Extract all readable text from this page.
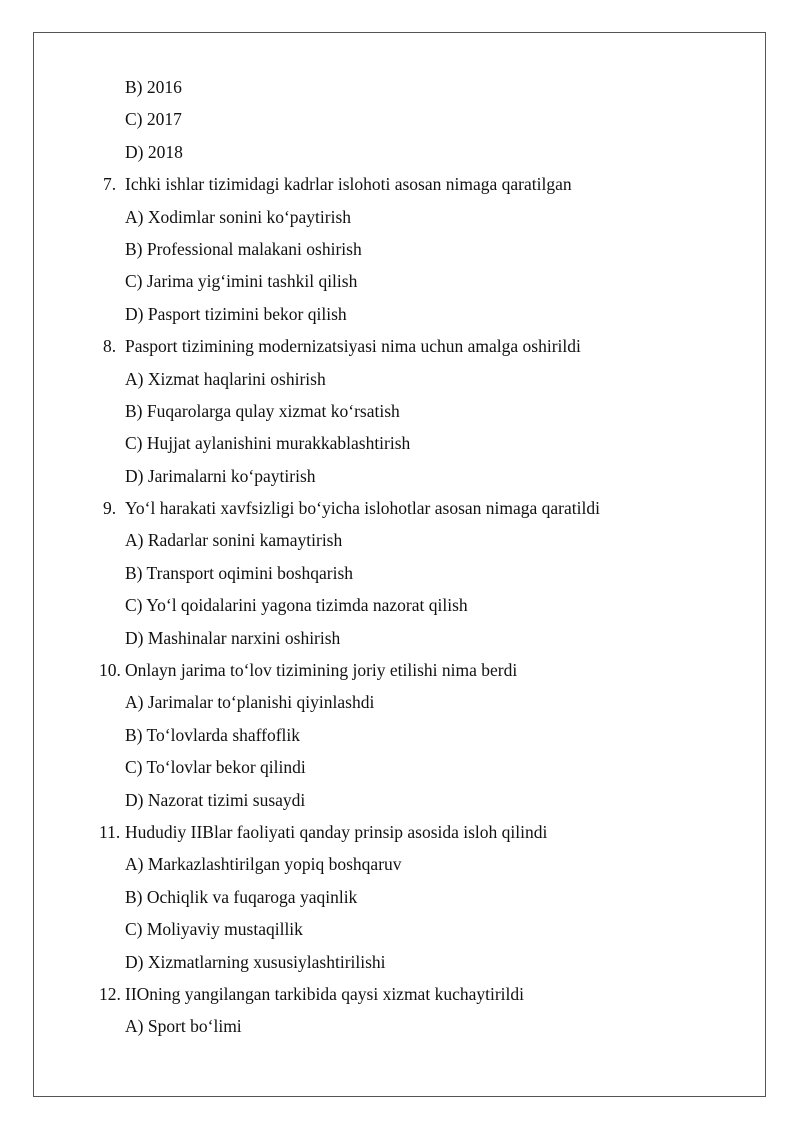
B) 2016
C) 2017
D) 2018
7. Ichki ishlar tizimidagi kadrlar islohoti asosan nimaga qaratilgan
A) Xodimlar sonini koʻpaytirish
B) Professional malakani oshirish
C) Jarima yigʻimini tashkil qilish
D) Pasport tizimini bekor qilish
8. Pasport tizimining modernizatsiyasi nima uchun amalga oshirildi
A) Xizmat haqlarini oshirish
B) Fuqarolarga qulay xizmat koʻrsatish
C) Hujjat aylanishini murakkablashtirish
D) Jarimalarni koʻpaytirish
9. Yoʻl harakati xavfsizligi boʻyicha islohotlar asosan nimaga qaratildi
A) Radarlar sonini kamaytirish
B) Transport oqimini boshqarish
C) Yoʻl qoidalarini yagona tizimda nazorat qilish
D) Mashinalar narxini oshirish
10. Onlayn jarima toʻlov tizimining joriy etilishi nima berdi
A) Jarimalar toʻplanishi qiyinlashdi
B) Toʻlovlarda shaffoflik
C) Toʻlovlar bekor qilindi
D) Nazorat tizimi susaydi
11. Hududiy IIBlar faoliyati qanday prinsip asosida isloh qilindi
A) Markazlashtirilgan yopiq boshqaruv
B) Ochiqlik va fuqaroga yaqinlik
C) Moliyaviy mustaqillik
D) Xizmatlarning xususiylashtirilishi
12. IIOning yangilangan tarkibida qaysi xizmat kuchaytirildi
A) Sport boʻlimi
